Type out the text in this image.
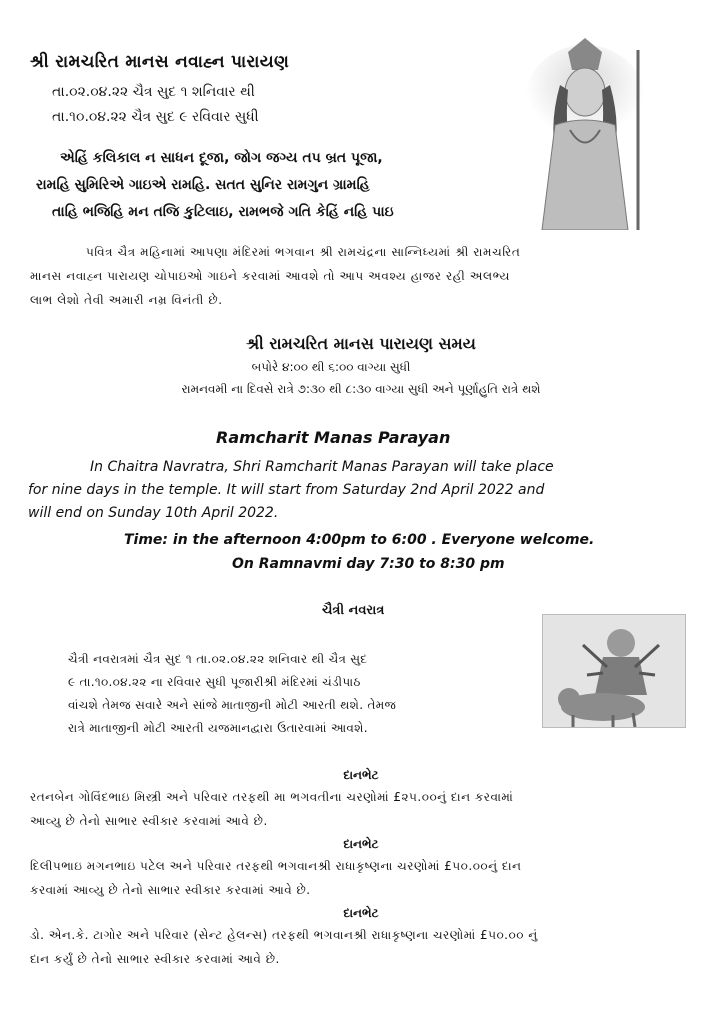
શ્રી રામચરિત માનસ નવાહ્ન પારાયણ
તા.૦૨.૦૪.૨૨ ચૈત્ર સુદ ૧ શનિવાર થી
તા.૧૦.૦૪.૨૨ ચૈત્ર સુદ ૯ રવિવાર સુધી
એહિં કલિકાલ ન સાધન દૂજા, જોગ જગ્ય તપ બ્રત પૂજા,
રામહિ સુમિરિએ ગાઇએ રામહિ. સતત સુનિર રામગુન ગ્રામહિ
તાહિ ભજિહિ મન તજિ કુટિલાઇ, રામભજે ગતિ કેહિં નહિ પાઇ
પવિત્ર ચૈત્ર મહિનામાં આપણા મંદિરમાં ભગવાન શ્રી રામચંદ્રના સાન્નિધ્યમાં શ્રી રામચરિત
માનસ નવાહ્ન પારાયણ ચોપાઇઓ ગાઇને કરવામાં આવશે તો આપ અવશ્ય હાજર રહી અલભ્ય
લાભ લેશો તેવી અમારી નમ્ર વિનંતી છે.
શ્રી રામચરિત માનસ પારાયણ સમય
બપોરે ૪:૦૦ થી ૬:૦૦ વાગ્યા સુધી
રામનવમી ના દિવસે રાત્રે ૭:૩૦ થી ૮:૩૦ વાગ્યા સુધી અને પૂર્ણાહુતિ રાત્રે થશે
Ramcharit Manas Parayan
In Chaitra Navratra, Shri Ramcharit Manas Parayan will take place
for nine days in the temple. It will start from Saturday 2nd April 2022 and
will end on Sunday 10th April 2022.
Time: in the afternoon 4:00pm to 6:00 . Everyone welcome.
On Ramnavmi day 7:30 to 8:30 pm
ચૈત્રી નવરાત્ર
ચૈત્રી નવરાત્રમાં ચૈત્ર સુદ ૧ તા.૦૨.૦૪.૨૨ શનિવાર થી ચૈત્ર સુદ
૯ તા.૧૦.૦૪.૨૨ ના રવિવાર સુધી પૂજારીશ્રી મંદિરમાં ચંડીપાઠ
વાંચશે તેમજ સવારે અને સાંજે માતાજીની મોટી આરતી થશે. તેમજ
રાત્રે માતાજીની મોટી આરતી યજમાનદ્વારા ઉતારવામાં આવશે.
દાનભેટ
રતનબેન ગોવિંદભાઇ મિસ્ત્રી અને પરિવાર તરફથી મા ભગવતીના ચરણોમાં £૨૫.૦૦નું દાન કરવામાં
આવ્યુ છે તેનો સાભાર સ્વીકાર કરવામાં આવે છે.
દાનભેટ
દિલીપભાઇ મગનભાઇ પટેલ અને પરિવાર તરફથી ભગવાનશ્રી રાધાકૃષ્ણના ચરણોમાં £૫૦.૦૦નું દાન
કરવામાં આવ્યુ છે તેનો સાભાર સ્વીકાર કરવામાં આવે છે.
દાનભેટ
ડો. એન.કે. ટાગોર અને પરિવાર (સેન્ટ હેલન્સ) તરફથી ભગવાનશ્રી રાધાકૃષ્ણના ચરણોમાં £૫૦.૦૦ નું
દાન કર્યું છે તેનો સાભાર સ્વીકાર કરવામાં આવે છે.
